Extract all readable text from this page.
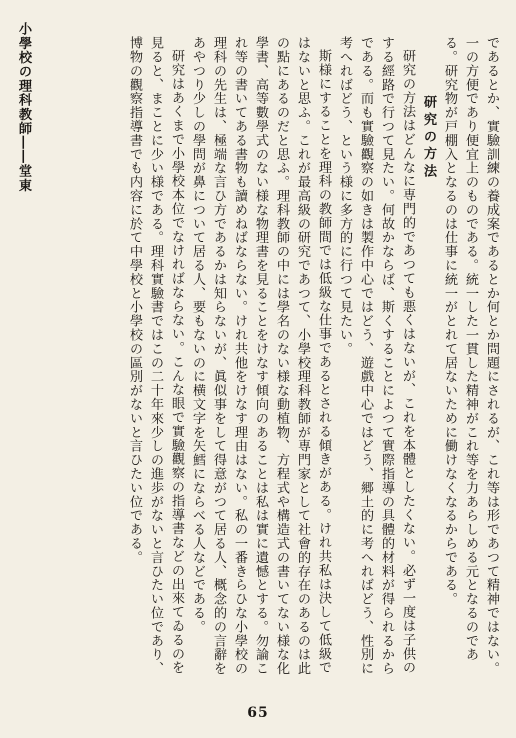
小學校の理科教師――堂東	であるとか、實驗訓練の養成案であるとか何とか問題にされるが、これ等は形であつて精神ではない。一の方便であり便宜上のものである。統一した一貫した精神がこれ等を力あらしめる元となるのである。研究物が戸棚入となるのは仕事に統一がとれて居ないために働けなくなるからである。

研究の方法

研究の方法はどんなに専門的であつても悪くはないが、これを本體としたくない。必ず一度は子供のする經路で行つて見たい。何故かならば、斯くすることによつて實際指導の具體的材料が得られるからである。而も實驗觀察の如きは製作中心ではどう、遊戲中心ではどう、郷土的に考へればどう、性別に考へればどう、という様に多方的に行つて見たい。

斯様にすることを理科の教師間では低級な仕事であるとされる傾きがある。けれ共私は決して低級ではないと思ふ。これが最高級の研究であつて、小學校理科教師が専門家として社會的存在のあるのは此の點にあるのだと思ふ。理科教師の中には學名のない様な動植物、方程式や構造式の書いてない様な化學書、高等數學式のない様な物理書を見ることをけなす傾向のあることは私は實に遺憾とする。勿論これ等の書いてある書物も讀めねばならない。けれ共他をけなす理由はない。私の一番きらひな小學校の理科の先生は、極端な言ひ方であるかは知らないが、眞似事をして得意がつて居る人、概念的の言辭をあやつり少しの學問が鼻について居る人、要もないのに横文字を矢鱈にならべる人などである。

研究はあくまで小學校本位でなければならない。こんな眼で實驗觀察の指導書などの出來てゐるのを見ると、まことに少い様である。理科實驗書ではこの二十年來少しの進歩がないと言ひたい位であり、博物の觀察指導書でも内容に於て中學校と小學校の區別がないと言ひたい位である。

65
